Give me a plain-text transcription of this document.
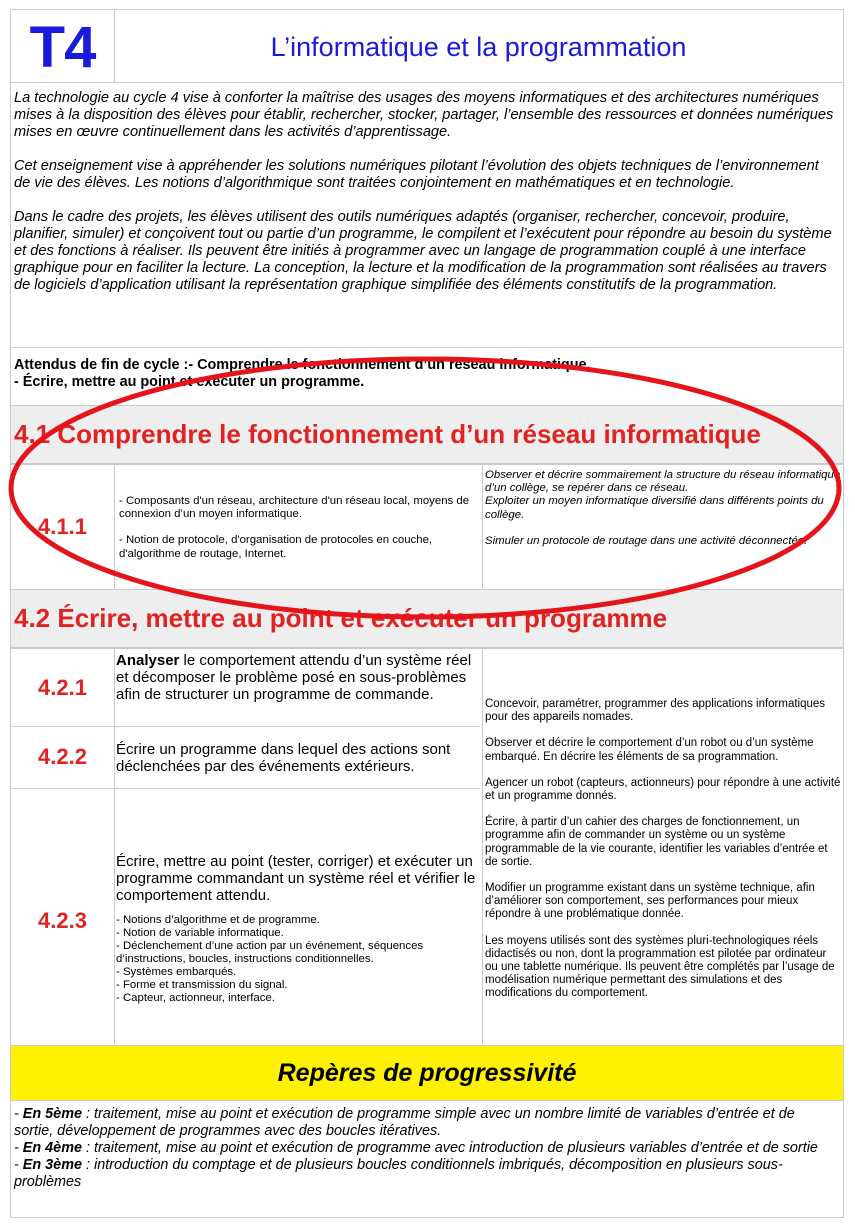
T4	L’informatique et la programmation

La technologie au cycle 4 vise à conforter la maîtrise des usages des moyens informatiques et des architectures numériques mises à la disposition des élèves pour établir, rechercher, stocker, partager, l’ensemble des ressources et données numériques mises en œuvre continuellement dans les activités d’apprentissage.

Cet enseignement vise à appréhender les solutions numériques pilotant l’évolution des objets techniques de l’environnement de vie des élèves. Les notions d’algorithmique sont traitées conjointement en mathématiques et en technologie.

Dans le cadre des projets, les élèves utilisent des outils numériques adaptés (organiser, rechercher, concevoir, produire, planifier, simuler) et conçoivent tout ou partie d’un programme, le compilent et l’exécutent pour répondre au besoin du système et des fonctions à réaliser. Ils peuvent être initiés à programmer avec un langage de programmation couplé à une interface graphique pour en faciliter la lecture. La conception, la lecture et la modification de la programmation sont réalisées au travers de logiciels d’application utilisant la représentation graphique simplifiée des éléments constitutifs de la programmation.

Attendus de fin de cycle :- Comprendre le fonctionnement d’un réseau informatique.
- Écrire, mettre au point et exécuter un programme.
4.1 Comprendre le fonctionnement d’un réseau informatique
4.1.1

- Composants d'un réseau, architecture d'un réseau local, moyens de connexion d’un moyen informatique.

- Notion de protocole, d'organisation de protocoles en couche, d'algorithme de routage, Internet.

Observer et décrire sommairement la structure du réseau informatique d’un collège, se repérer dans ce réseau.
Exploiter un moyen informatique diversifié dans différents points du collège.
Simuler un protocole de routage dans une activité déconnectée.
4.2 Écrire, mettre au point et exécuter un programme
4.2.1
Analyser le comportement attendu d’un système réel et décomposer le problème posé en sous-problèmes afin de structurer un programme de commande.
4.2.2	Écrire un programme dans lequel des actions sont déclenchées par des événements extérieurs.
4.2.3
Écrire, mettre au point (tester, corriger) et exécuter un programme commandant un système réel et vérifier le comportement attendu.
- Notions d’algorithme et de programme.
- Notion de variable informatique.
- Déclenchement d’une action par un événement, séquences d’instructions, boucles, instructions conditionnelles.
- Systèmes embarqués.
- Forme et transmission du signal.
- Capteur, actionneur, interface.

Concevoir, paramétrer, programmer des applications informatiques pour des appareils nomades.

Observer et décrire le comportement d’un robot ou d’un système embarqué. En décrire les éléments de sa programmation.

Agencer un robot (capteurs, actionneurs) pour répondre à une activité et un programme donnés.

Écrire, à partir d’un cahier des charges de fonctionnement, un programme afin de commander un système ou un système programmable de la vie courante, identifier les variables d’entrée et de sortie.

Modifier un programme existant dans un système technique, afin d’améliorer son comportement, ses performances pour mieux répondre à une problématique donnée.

Les moyens utilisés sont des systèmes pluri-technologiques réels didactisés ou non, dont la programmation est pilotée par ordinateur ou une tablette numérique. Ils peuvent être complétés par l’usage de modélisation numérique permettant des simulations et des modifications du comportement.

Repères de progressivité

- En 5ème : traitement, mise au point et exécution de programme simple avec un nombre limité de variables d’entrée et de sortie, développement de programmes avec des boucles itératives.

- En 4ème : traitement, mise au point et exécution de programme avec introduction de plusieurs variables d’entrée et de sortie

- En 3ème : introduction du comptage et de plusieurs boucles conditionnels imbriqués, décomposition en plusieurs sous-problèmes
